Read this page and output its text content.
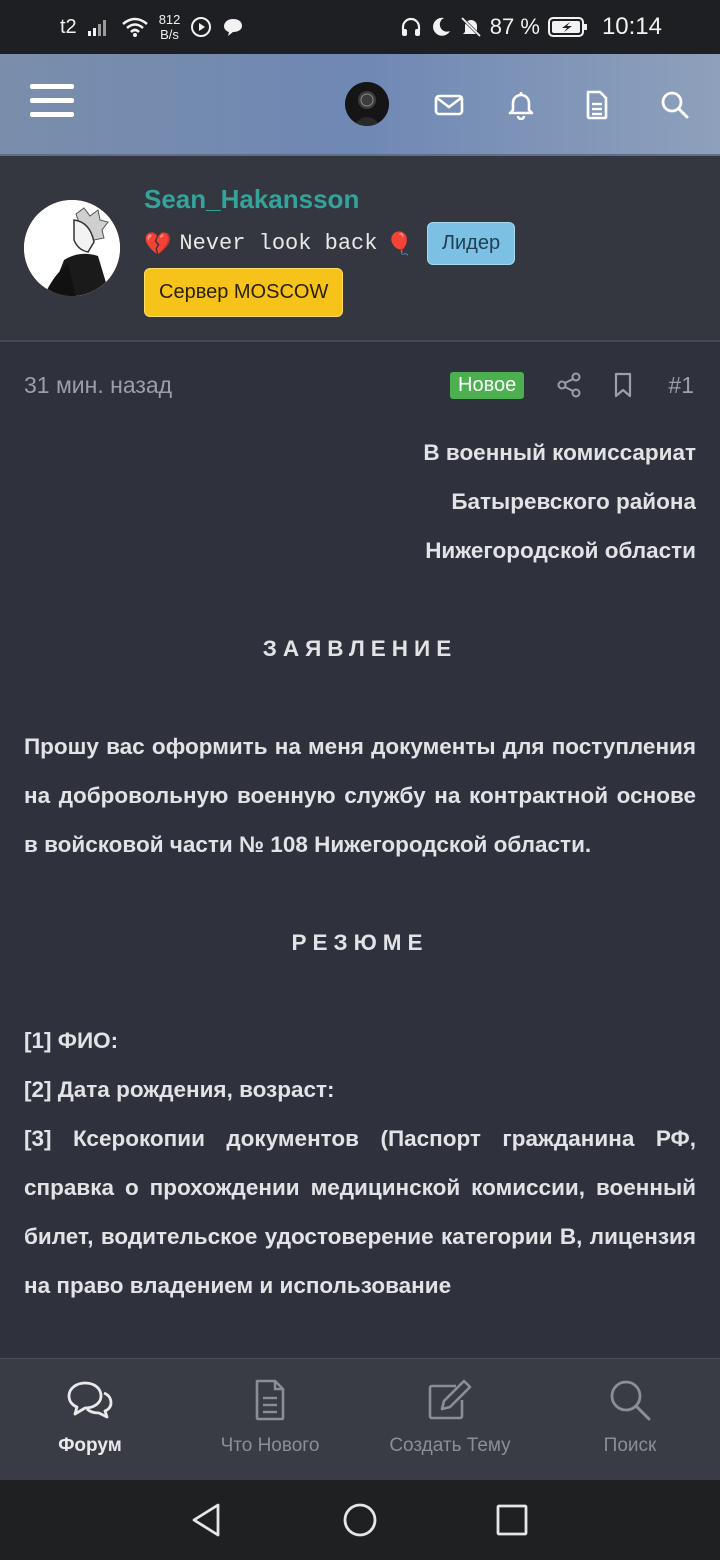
t2	812
B/s	87 %	10:14
Sean_Hakansson
💔 Never look back 🎈	Лидер
Сервер MOSCOW
31 мин. назад	Новое	#1

В военный комиссариат

Батыревского района

Нижегородской области

ЗАЯВЛЕНИЕ
Прошу вас оформить на меня документы для поступления на добровольную военную службу на контрактной основе в войсковой части № 108 Нижегородской области.
РЕЗЮМЕ

[1] ФИО:

[2] Дата рождения, возраст:

[3] Ксерокопии документов (Паспорт гражданина РФ, справка о прохождении медицинской комиссии, военный билет, водительское удостоверение категории B, лицензия на право владением и использование

Форум	Что Нового	Создать Тему	Поиск
